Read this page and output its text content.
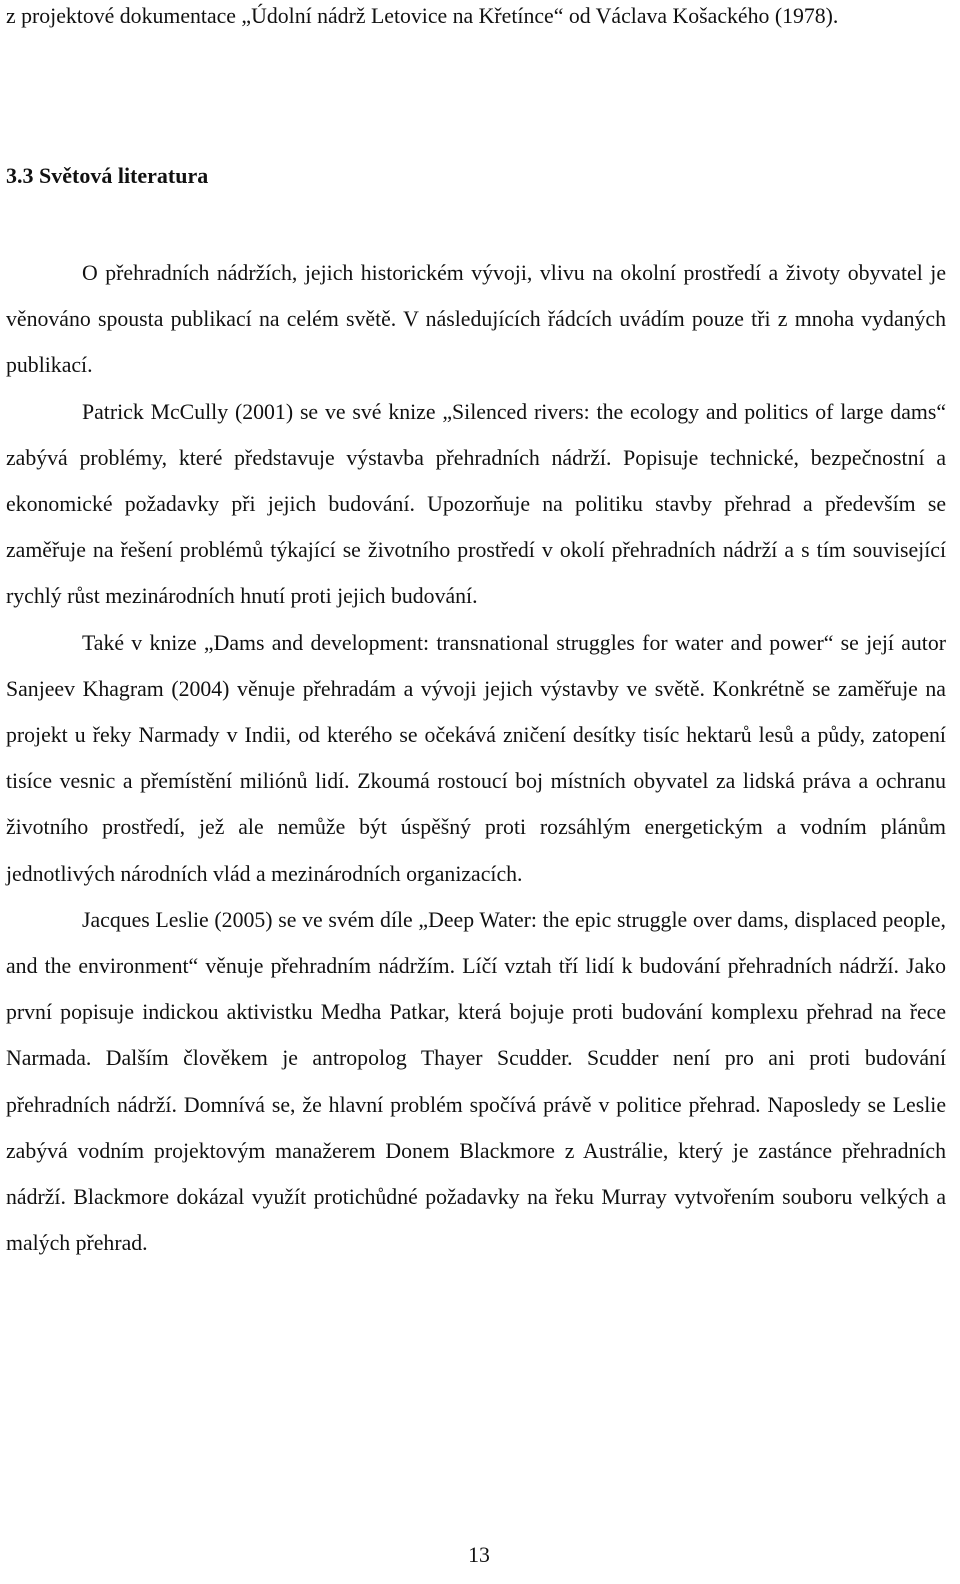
z projektové dokumentace „Údolní nádrž Letovice na Křetínce“ od Václava Košackého (1978).

3.3 Světová literatura

O přehradních nádržích, jejich historickém vývoji, vlivu na okolní prostředí a životy obyvatel je věnováno spousta publikací na celém světě. V následujících řádcích uvádím pouze tři z mnoha vydaných publikací.

Patrick McCully (2001) se ve své knize „Silenced rivers: the ecology and politics of large dams“ zabývá problémy, které představuje výstavba přehradních nádrží. Popisuje technické, bezpečnostní a ekonomické požadavky při jejich budování. Upozorňuje na politiku stavby přehrad a především se zaměřuje na řešení problémů týkající se životního prostředí v okolí přehradních nádrží a s tím související rychlý růst mezinárodních hnutí proti jejich budování.

Také v knize „Dams and development: transnational struggles for water and power“ se její autor Sanjeev Khagram (2004) věnuje přehradám a vývoji jejich výstavby ve světě. Konkrétně se zaměřuje na projekt u řeky Narmady v Indii, od kterého se očekává zničení desítky tisíc hektarů lesů a půdy, zatopení tisíce vesnic a přemístění miliónů lidí. Zkoumá rostoucí boj místních obyvatel za lidská práva a ochranu životního prostředí, jež ale nemůže být úspěšný proti rozsáhlým energetickým a vodním plánům jednotlivých národních vlád a mezinárodních organizacích.

Jacques Leslie (2005) se ve svém díle „Deep Water: the epic struggle over dams, displaced people, and the environment“ věnuje přehradním nádržím. Líčí vztah tří lidí k budování přehradních nádrží. Jako první popisuje indickou aktivistku Medha Patkar, která bojuje proti budování komplexu přehrad na řece Narmada. Dalším člověkem je antropolog Thayer Scudder. Scudder není pro ani proti budování přehradních nádrží. Domnívá se, že hlavní problém spočívá právě v politice přehrad. Naposledy se Leslie zabývá vodním projektovým manažerem Donem Blackmore z Austrálie, který je zastánce přehradních nádrží. Blackmore dokázal využít protichůdné požadavky na řeku Murray vytvořením souboru velkých a malých přehrad.

13
